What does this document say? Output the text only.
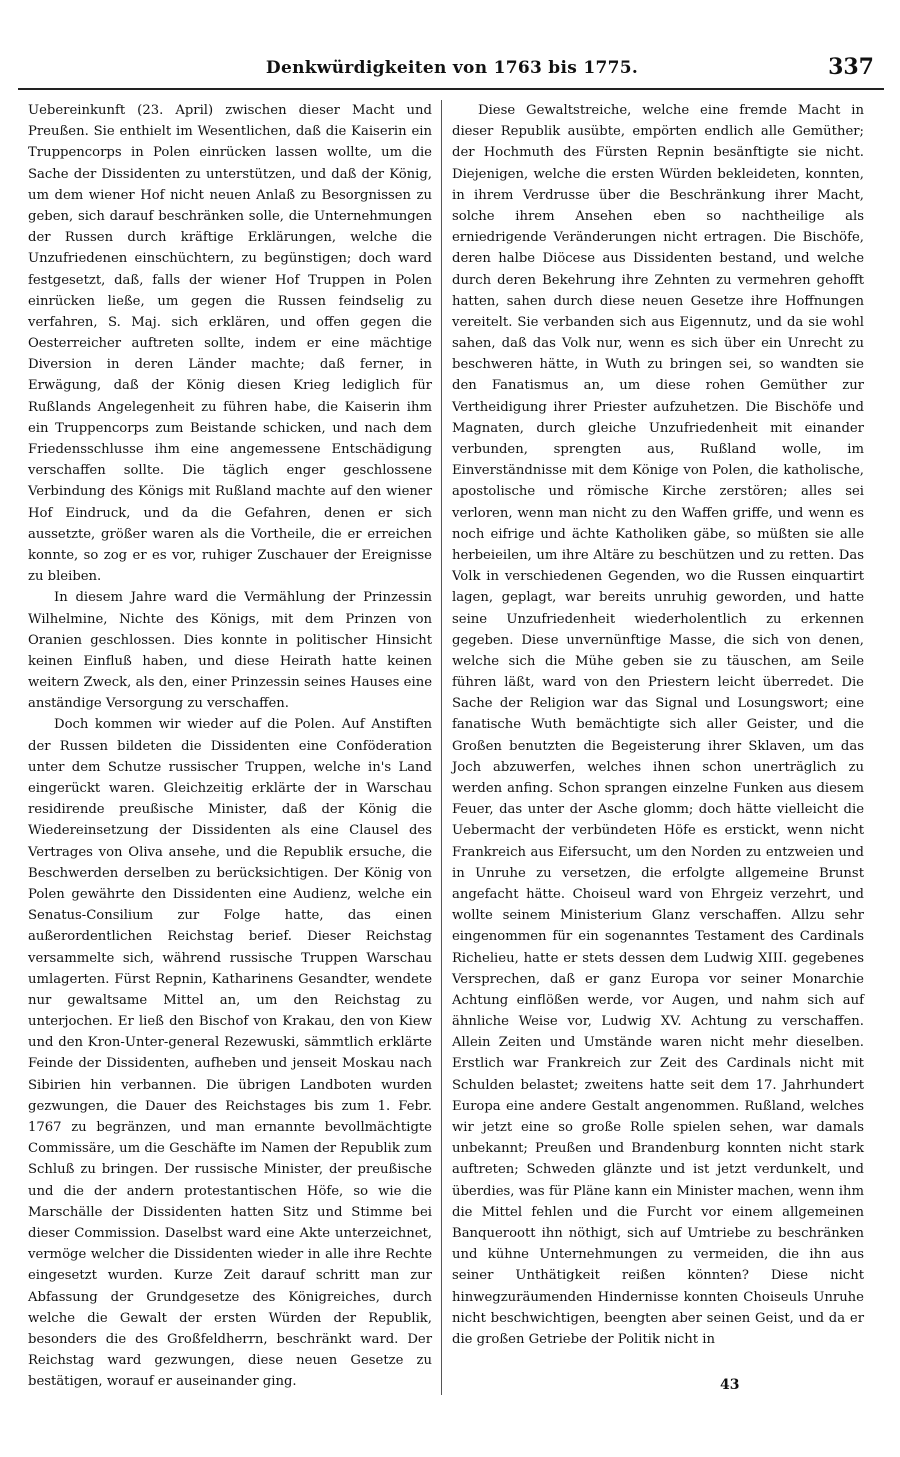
Denkwürdigkeiten von 1763 bis 1775.	337

Uebereinkunft (23. April) zwischen dieser Macht und Preußen. Sie enthielt im Wesentlichen, daß die Kaiserin ein Truppencorps in Polen einrücken lassen wollte, um die Sache der Dissidenten zu unterstützen, und daß der König, um dem wiener Hof nicht neuen Anlaß zu Besorgnissen zu geben, sich darauf beschränken solle, die Unternehmungen der Russen durch kräftige Erklärungen, welche die Unzufriedenen einschüchtern, zu begünstigen; doch ward festgesetzt, daß, falls der wiener Hof Truppen in Polen einrücken ließe, um gegen die Russen feindselig zu verfahren, S. Maj. sich erklären, und offen gegen die Oesterreicher auftreten sollte, indem er eine mächtige Diversion in deren Länder machte; daß ferner, in Erwägung, daß der König diesen Krieg lediglich für Rußlands Angelegenheit zu führen habe, die Kaiserin ihm ein Truppencorps zum Beistande schicken, und nach dem Friedensschlusse ihm eine angemessene Entschädigung verschaffen sollte. Die täglich enger geschlossene Verbindung des Königs mit Rußland machte auf den wiener Hof Eindruck, und da die Gefahren, denen er sich aussetzte, größer waren als die Vortheile, die er erreichen konnte, so zog er es vor, ruhiger Zuschauer der Ereignisse zu bleiben.

In diesem Jahre ward die Vermählung der Prinzessin Wilhelmine, Nichte des Königs, mit dem Prinzen von Oranien geschlossen. Dies konnte in politischer Hinsicht keinen Einfluß haben, und diese Heirath hatte keinen weitern Zweck, als den, einer Prinzessin seines Hauses eine anständige Versorgung zu verschaffen.

Doch kommen wir wieder auf die Polen. Auf Anstiften der Russen bildeten die Dissidenten eine Conföderation unter dem Schutze russischer Truppen, welche in's Land eingerückt waren. Gleichzeitig erklärte der in Warschau residirende preußische Minister, daß der König die Wiedereinsetzung der Dissidenten als eine Clausel des Vertrages von Oliva ansehe, und die Republik ersuche, die Beschwerden derselben zu berücksichtigen. Der König von Polen gewährte den Dissidenten eine Audienz, welche ein Senatus-Consilium zur Folge hatte, das einen außerordentlichen Reichstag berief. Dieser Reichstag versammelte sich, während russische Truppen Warschau umlagerten. Fürst Repnin, Katharinens Gesandter, wendete nur gewaltsame Mittel an, um den Reichstag zu unterjochen. Er ließ den Bischof von Krakau, den von Kiew und den Kron-Unter-general Rezewuski, sämmtlich erklärte Feinde der Dissidenten, aufheben und jenseit Moskau nach Sibirien hin verbannen. Die übrigen Landboten wurden gezwungen, die Dauer des Reichstages bis zum 1. Febr. 1767 zu begränzen, und man ernannte bevollmächtigte Commissäre, um die Geschäfte im Namen der Republik zum Schluß zu bringen. Der russische Minister, der preußische und die der andern protestantischen Höfe, so wie die Marschälle der Dissidenten hatten Sitz und Stimme bei dieser Commission. Daselbst ward eine Akte unterzeichnet, vermöge welcher die Dissidenten wieder in alle ihre Rechte eingesetzt wurden. Kurze Zeit darauf schritt man zur Abfassung der Grundgesetze des Königreiches, durch welche die Gewalt der ersten Würden der Republik, besonders die des Großfeldherrn, beschränkt ward. Der Reichstag ward gezwungen, diese neuen Gesetze zu bestätigen, worauf er auseinander ging.

Diese Gewaltstreiche, welche eine fremde Macht in dieser Republik ausübte, empörten endlich alle Gemüther; der Hochmuth des Fürsten Repnin besänftigte sie nicht. Diejenigen, welche die ersten Würden bekleideten, konnten, in ihrem Verdrusse über die Beschränkung ihrer Macht, solche ihrem Ansehen eben so nachtheilige als erniedrigende Veränderungen nicht ertragen. Die Bischöfe, deren halbe Diöcese aus Dissidenten bestand, und welche durch deren Bekehrung ihre Zehnten zu vermehren gehofft hatten, sahen durch diese neuen Gesetze ihre Hoffnungen vereitelt. Sie verbanden sich aus Eigennutz, und da sie wohl sahen, daß das Volk nur, wenn es sich über ein Unrecht zu beschweren hätte, in Wuth zu bringen sei, so wandten sie den Fanatismus an, um diese rohen Gemüther zur Vertheidigung ihrer Priester aufzuhetzen. Die Bischöfe und Magnaten, durch gleiche Unzufriedenheit mit einander verbunden, sprengten aus, Rußland wolle, im Einverständnisse mit dem Könige von Polen, die katholische, apostolische und römische Kirche zerstören; alles sei verloren, wenn man nicht zu den Waffen griffe, und wenn es noch eifrige und ächte Katholiken gäbe, so müßten sie alle herbeieilen, um ihre Altäre zu beschützen und zu retten. Das Volk in verschiedenen Gegenden, wo die Russen einquartirt lagen, geplagt, war bereits unruhig geworden, und hatte seine Unzufriedenheit wiederholentlich zu erkennen gegeben. Diese unvernünftige Masse, die sich von denen, welche sich die Mühe geben sie zu täuschen, am Seile führen läßt, ward von den Priestern leicht überredet. Die Sache der Religion war das Signal und Losungswort; eine fanatische Wuth bemächtigte sich aller Geister, und die Großen benutzten die Begeisterung ihrer Sklaven, um das Joch abzuwerfen, welches ihnen schon unerträglich zu werden anfing. Schon sprangen einzelne Funken aus diesem Feuer, das unter der Asche glomm; doch hätte vielleicht die Uebermacht der verbündeten Höfe es erstickt, wenn nicht Frankreich aus Eifersucht, um den Norden zu entzweien und in Unruhe zu versetzen, die erfolgte allgemeine Brunst angefacht hätte. Choiseul ward von Ehrgeiz verzehrt, und wollte seinem Ministerium Glanz verschaffen. Allzu sehr eingenommen für ein sogenanntes Testament des Cardinals Richelieu, hatte er stets dessen dem Ludwig XIII. gegebenes Versprechen, daß er ganz Europa vor seiner Monarchie Achtung einflößen werde, vor Augen, und nahm sich auf ähnliche Weise vor, Ludwig XV. Achtung zu verschaffen. Allein Zeiten und Umstände waren nicht mehr dieselben. Erstlich war Frankreich zur Zeit des Cardinals nicht mit Schulden belastet; zweitens hatte seit dem 17. Jahrhundert Europa eine andere Gestalt angenommen. Rußland, welches wir jetzt eine so große Rolle spielen sehen, war damals unbekannt; Preußen und Brandenburg konnten nicht stark auftreten; Schweden glänzte und ist jetzt verdunkelt, und überdies, was für Pläne kann ein Minister machen, wenn ihm die Mittel fehlen und die Furcht vor einem allgemeinen Banqueroott ihn nöthigt, sich auf Umtriebe zu beschränken und kühne Unternehmungen zu vermeiden, die ihn aus seiner Unthätigkeit reißen könnten? Diese nicht hinwegzuräumenden Hindernisse konnten Choiseuls Unruhe nicht beschwichtigen, beengten aber seinen Geist, und da er die großen Getriebe der Politik nicht in

43
